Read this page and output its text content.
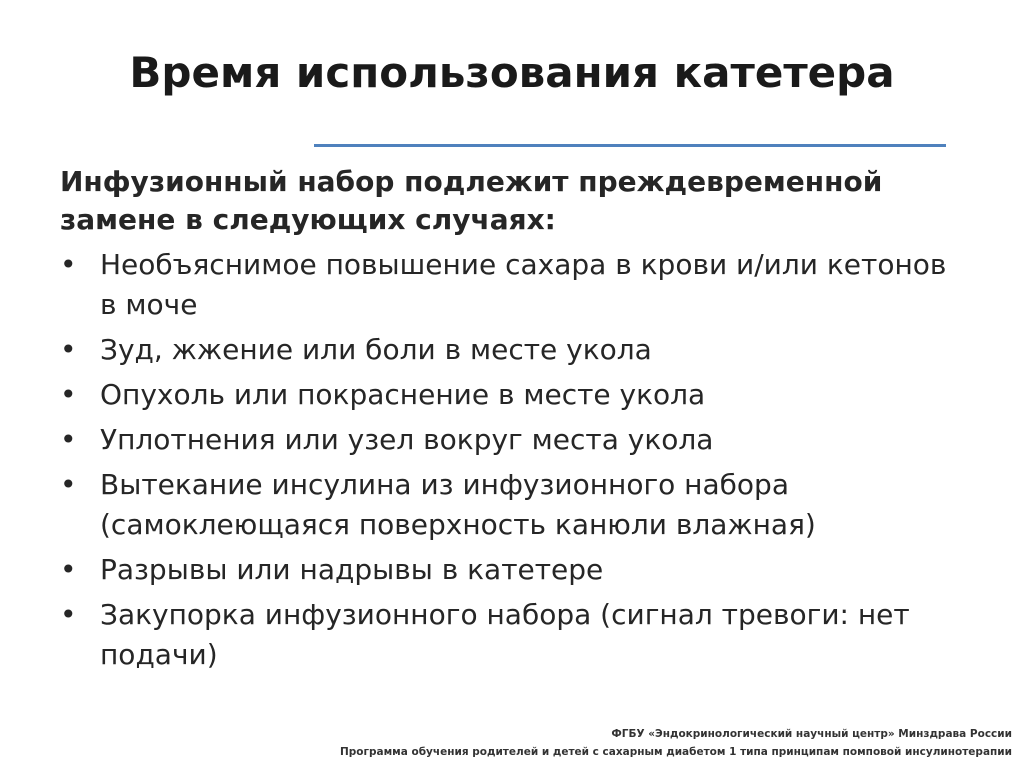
Время использования катетера

Инфузионный набор подлежит преждевременной замене в следующих случаях:

• Необъяснимое повышение сахара в крови и/или кетонов в моче
• Зуд, жжение или боли в месте укола
• Опухоль или покраснение в месте укола
• Уплотнения или узел вокруг места укола
• Вытекание инсулина из инфузионного набора (самоклеющаяся поверхность канюли влажная)
• Разрывы или надрывы в катетере
• Закупорка инфузионного набора (сигнал тревоги: нет подачи)
ФГБУ «Эндокринологический научный центр» Минздрава России
Программа обучения родителей и детей с сахарным диабетом 1 типа принципам помповой инсулинотерапии
